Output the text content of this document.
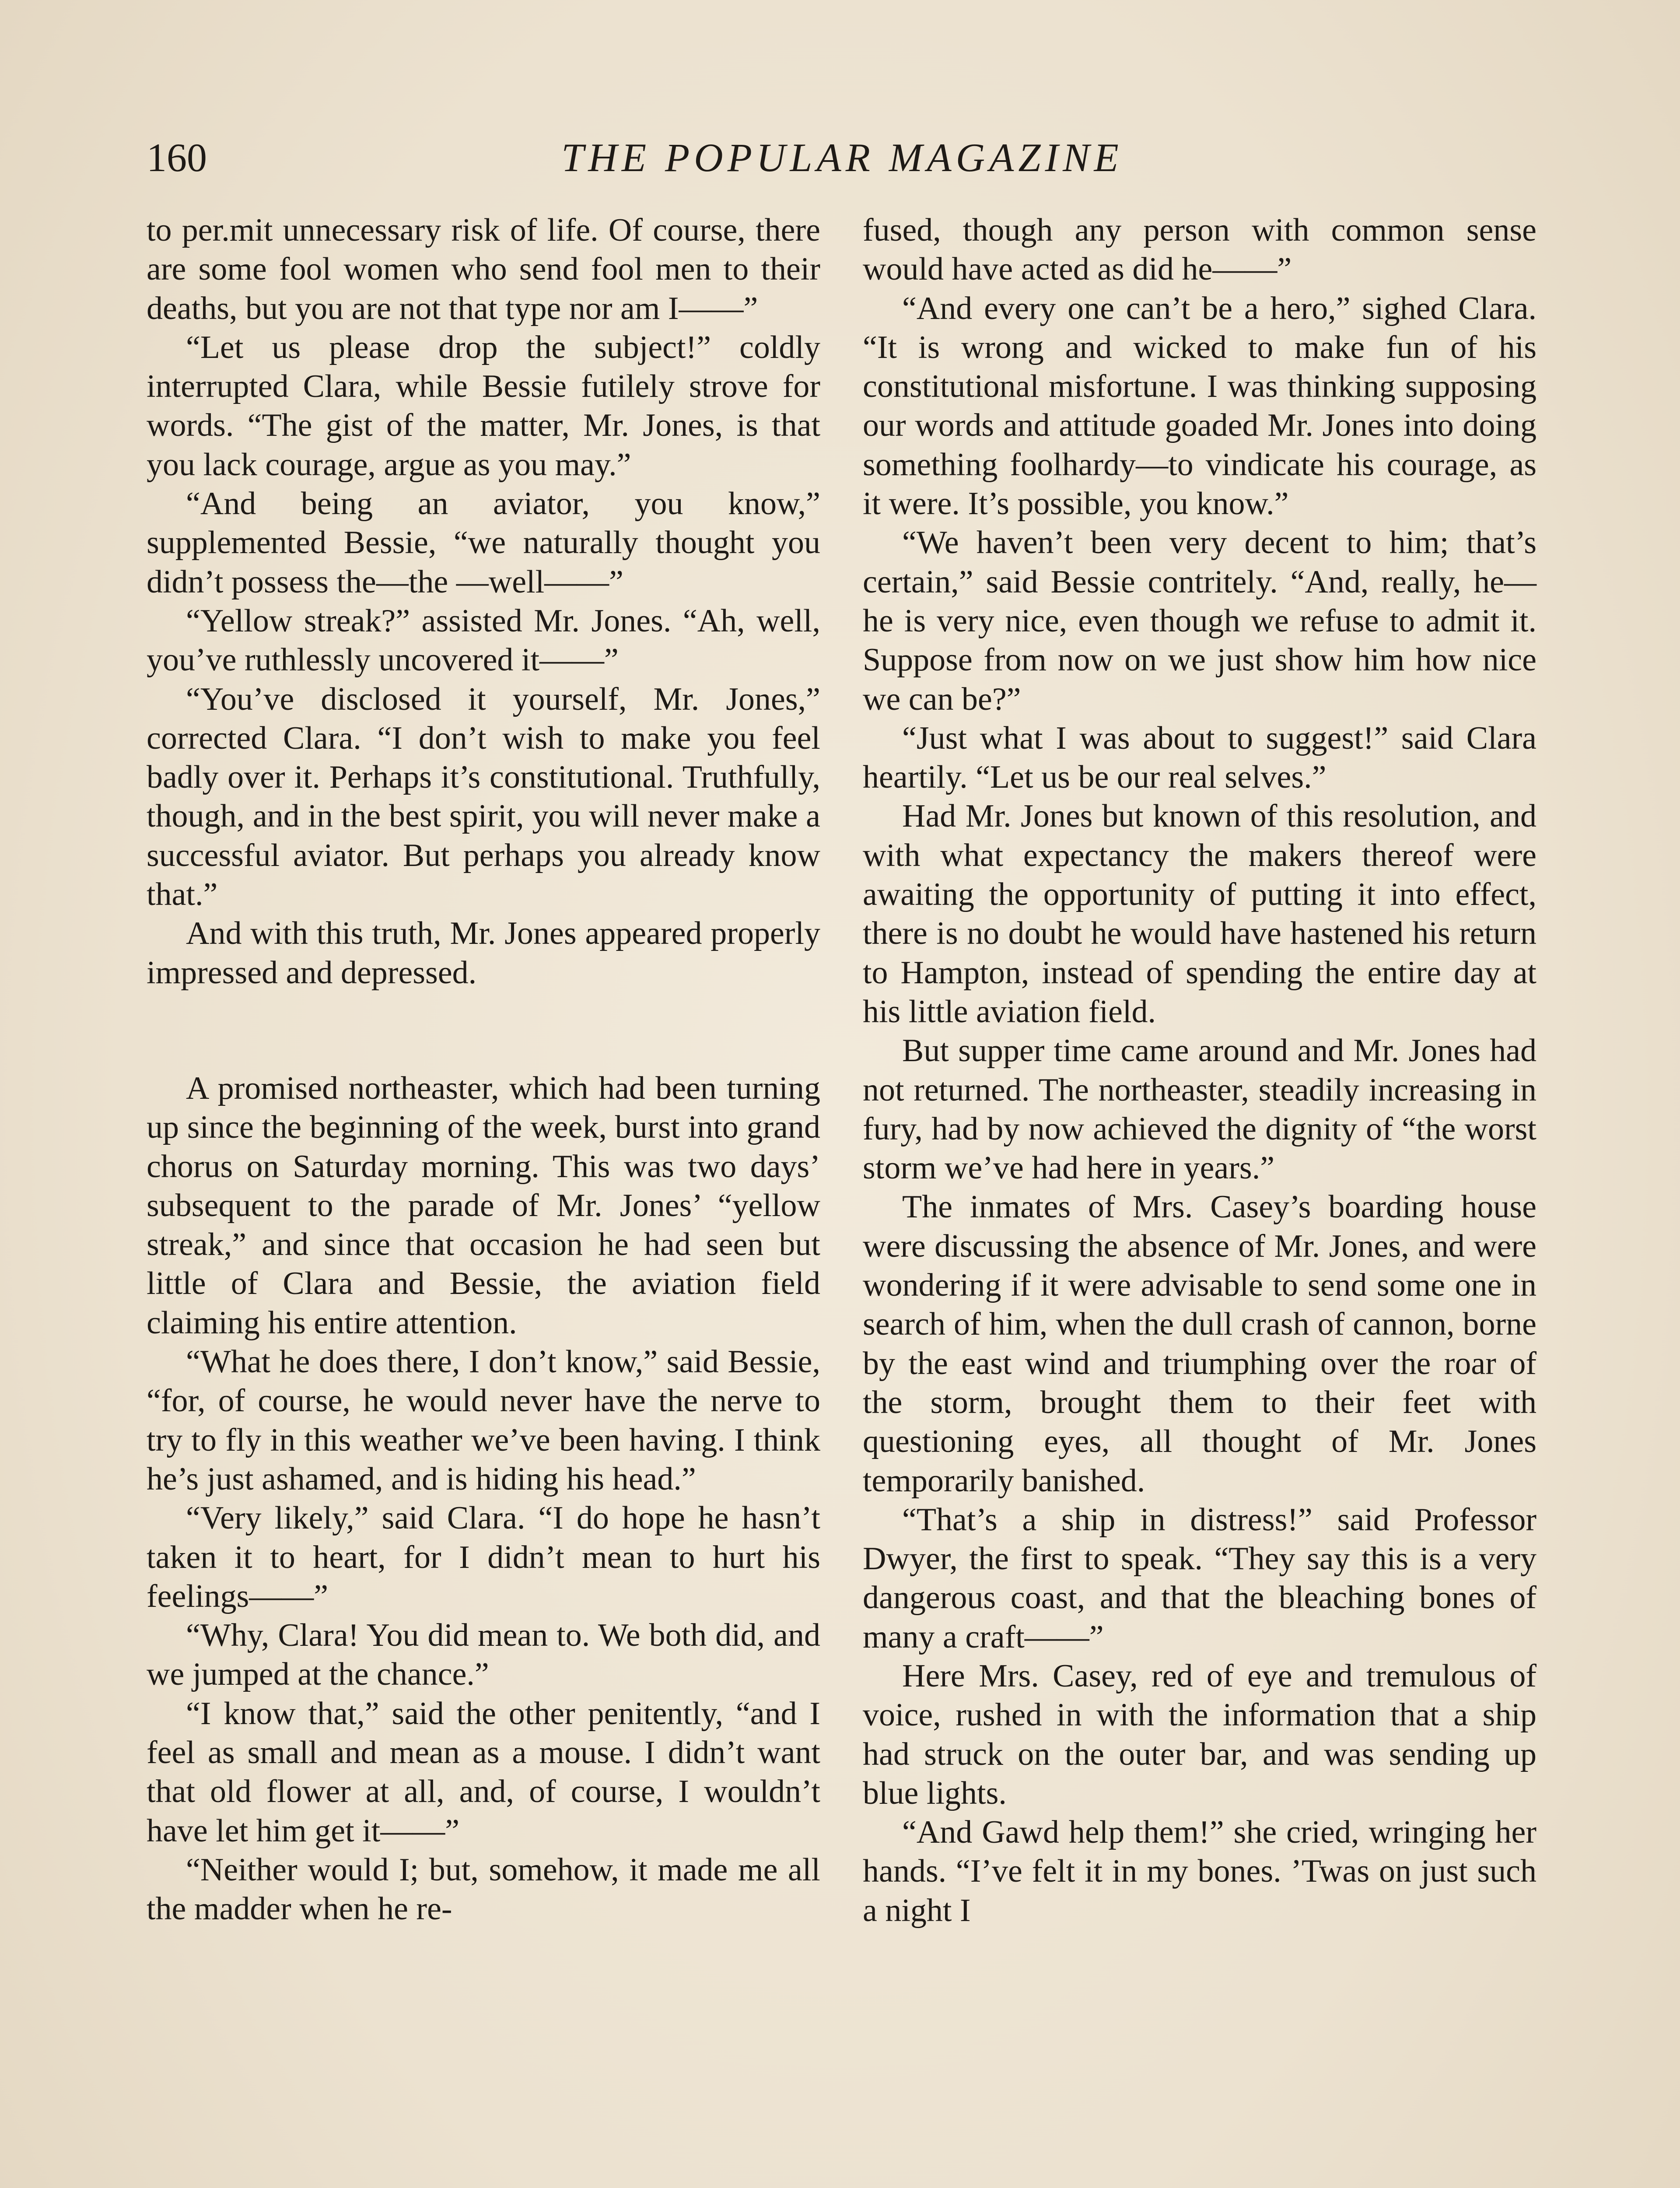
160	THE POPULAR MAGAZINE

to per.mit unnecessary risk of life. Of course, there are some fool women who send fool men to their deaths, but you are not that type nor am I——”

“Let us please drop the subject!” coldly interrupted Clara, while Bessie futilely strove for words. “The gist of the matter, Mr. Jones, is that you lack courage, argue as you may.”

“And being an aviator, you know,” supplemented Bessie, “we naturally thought you didn’t possess the—the —well——”

“Yellow streak?” assisted Mr. Jones. “Ah, well, you’ve ruthlessly uncovered it——”

“You’ve disclosed it yourself, Mr. Jones,” corrected Clara. “I don’t wish to make you feel badly over it. Perhaps it’s constitutional. Truthfully, though, and in the best spirit, you will never make a successful aviator. But perhaps you already know that.”

And with this truth, Mr. Jones appeared properly impressed and depressed.

A promised northeaster, which had been turning up since the beginning of the week, burst into grand chorus on Saturday morning. This was two days’ subsequent to the parade of Mr. Jones’ “yellow streak,” and since that occasion he had seen but little of Clara and Bessie, the aviation field claiming his entire attention.

“What he does there, I don’t know,” said Bessie, “for, of course, he would never have the nerve to try to fly in this weather we’ve been having. I think he’s just ashamed, and is hiding his head.”

“Very likely,” said Clara. “I do hope he hasn’t taken it to heart, for I didn’t mean to hurt his feelings——”

“Why, Clara! You did mean to. We both did, and we jumped at the chance.”

“I know that,” said the other penitently, “and I feel as small and mean as a mouse. I didn’t want that old flower at all, and, of course, I wouldn’t have let him get it——”

“Neither would I; but, somehow, it made me all the madder when he re-

fused, though any person with common sense would have acted as did he——”

“And every one can’t be a hero,” sighed Clara. “It is wrong and wicked to make fun of his constitutional misfortune. I was thinking supposing our words and attitude goaded Mr. Jones into doing something foolhardy—to vindicate his courage, as it were. It’s possible, you know.”

“We haven’t been very decent to him; that’s certain,” said Bessie contritely. “And, really, he—he is very nice, even though we refuse to admit it. Suppose from now on we just show him how nice we can be?”

“Just what I was about to suggest!” said Clara heartily. “Let us be our real selves.”

Had Mr. Jones but known of this resolution, and with what expectancy the makers thereof were awaiting the opportunity of putting it into effect, there is no doubt he would have hastened his return to Hampton, instead of spending the entire day at his little aviation field.

But supper time came around and Mr. Jones had not returned. The northeaster, steadily increasing in fury, had by now achieved the dignity of “the worst storm we’ve had here in years.”

The inmates of Mrs. Casey’s boarding house were discussing the absence of Mr. Jones, and were wondering if it were advisable to send some one in search of him, when the dull crash of cannon, borne by the east wind and triumphing over the roar of the storm, brought them to their feet with questioning eyes, all thought of Mr. Jones temporarily banished.

“That’s a ship in distress!” said Professor Dwyer, the first to speak. “They say this is a very dangerous coast, and that the bleaching bones of many a craft——”

Here Mrs. Casey, red of eye and tremulous of voice, rushed in with the information that a ship had struck on the outer bar, and was sending up blue lights.

“And Gawd help them!” she cried, wringing her hands. “I’ve felt it in my bones. ’Twas on just such a night I
